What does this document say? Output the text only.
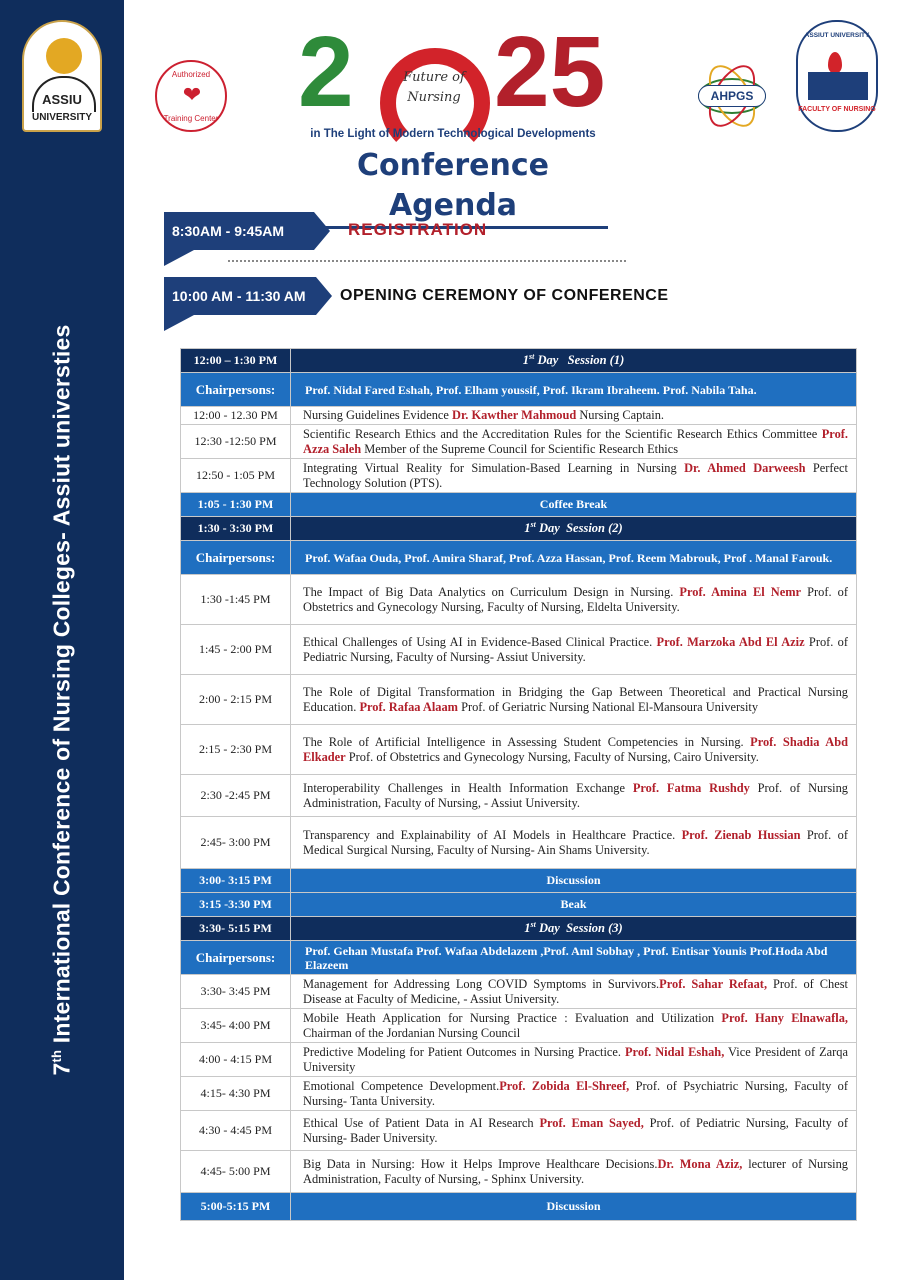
ASSIU
UNIVERSITY
7th International Conference of Nursing Colleges- Assiut universties
Authorized
❤
Training Center 2	Future of
Nursing 25
in The Light of Modern Technological Developments
Conference Agenda
AHPGS
ASSIUT UNIVERSITY
FACULTY OF NURSING
8:30AM - 9:45AM	REGISTRATION
10:00 AM - 11:30 AM	OPENING CEREMONY OF CONFERENCE
12:00 – 1:30 PM	1st Day Session (1)
Chairpersons:	Prof. Nidal Fared Eshah, Prof. Elham youssif, Prof. Ikram Ibraheem. Prof. Nabila Taha.
12:00 - 12.30 PM	Nursing Guidelines Evidence Dr. Kawther Mahmoud Nursing Captain.
12:30 -12:50 PM	Scientific Research Ethics and the Accreditation Rules for the Scientific Research Ethics Committee Prof. Azza Saleh Member of the Supreme Council for Scientific Research Ethics
12:50 - 1:05 PM	Integrating Virtual Reality for Simulation-Based Learning in Nursing Dr. Ahmed Darweesh Perfect Technology Solution (PTS).
1:05 - 1:30 PM	Coffee Break
1:30 - 3:30 PM	1st Day Session (2)
Chairpersons:	Prof. Wafaa Ouda, Prof. Amira Sharaf, Prof. Azza Hassan, Prof. Reem Mabrouk, Prof . Manal Farouk.
1:30 -1:45 PM	The Impact of Big Data Analytics on Curriculum Design in Nursing. Prof. Amina El Nemr Prof. of Obstetrics and Gynecology Nursing, Faculty of Nursing, Eldelta University.
1:45 - 2:00 PM	Ethical Challenges of Using AI in Evidence-Based Clinical Practice. Prof. Marzoka Abd El Aziz Prof. of Pediatric Nursing, Faculty of Nursing- Assiut University.
2:00 - 2:15 PM	The Role of Digital Transformation in Bridging the Gap Between Theoretical and Practical Nursing Education. Prof. Rafaa Alaam Prof. of Geriatric Nursing National El-Mansoura University
2:15 - 2:30 PM	The Role of Artificial Intelligence in Assessing Student Competencies in Nursing. Prof. Shadia Abd Elkader Prof. of Obstetrics and Gynecology Nursing, Faculty of Nursing, Cairo University.
2:30 -2:45 PM	Interoperability Challenges in Health Information Exchange Prof. Fatma Rushdy Prof. of Nursing Administration, Faculty of Nursing, - Assiut University.
2:45- 3:00 PM	Transparency and Explainability of AI Models in Healthcare Practice. Prof. Zienab Hussian Prof. of Medical Surgical Nursing, Faculty of Nursing- Ain Shams University.
3:00- 3:15 PM	Discussion
3:15 -3:30 PM	Beak
3:30- 5:15 PM	1st Day Session (3)
Chairpersons:	Prof. Gehan Mustafa Prof. Wafaa Abdelazem ,Prof. Aml Sobhay , Prof. Entisar Younis Prof.Hoda Abd Elazeem
3:30- 3:45 PM	Management for Addressing Long COVID Symptoms in Survivors.Prof. Sahar Refaat, Prof. of Chest Disease at Faculty of Medicine, - Assiut University.
3:45- 4:00 PM	Mobile Heath Application for Nursing Practice : Evaluation and Utilization Prof. Hany Elnawafla, Chairman of the Jordanian Nursing Council
4:00 - 4:15 PM	Predictive Modeling for Patient Outcomes in Nursing Practice. Prof. Nidal Eshah, Vice President of Zarqa University
4:15- 4:30 PM	Emotional Competence Development.Prof. Zobida El-Shreef, Prof. of Psychiatric Nursing, Faculty of Nursing- Tanta University.
4:30 - 4:45 PM	Ethical Use of Patient Data in AI Research Prof. Eman Sayed, Prof. of Pediatric Nursing, Faculty of Nursing- Bader University.
4:45- 5:00 PM	Big Data in Nursing: How it Helps Improve Healthcare Decisions.Dr. Mona Aziz, lecturer of Nursing Administration, Faculty of Nursing, - Sphinx University.
5:00-5:15 PM	Discussion
